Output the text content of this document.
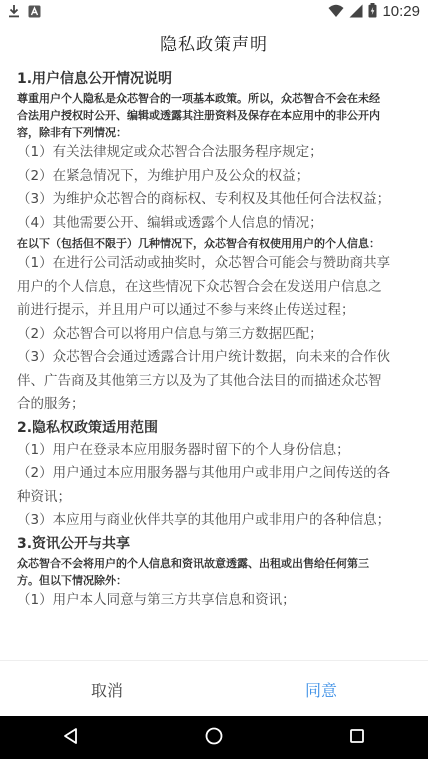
10:29
隐私政策声明

1.用户信息公开情况说明

尊重用户个人隐私是众芯智合的一项基本政策。所以，众芯智合不会在未经

合法用户授权时公开、编辑或透露其注册资料及保存在本应用中的非公开内

容，除非有下列情况：

（1）有关法律规定或众芯智合合法服务程序规定；

（2）在紧急情况下，为维护用户及公众的权益；

（3）为维护众芯智合的商标权、专利权及其他任何合法权益；

（4）其他需要公开、编辑或透露个人信息的情况；

在以下（包括但不限于）几种情况下，众芯智合有权使用用户的个人信息：

（1）在进行公司活动或抽奖时，众芯智合可能会与赞助商共享

用户的个人信息，在这些情况下众芯智合会在发送用户信息之

前进行提示，并且用户可以通过不参与来终止传送过程；

（2）众芯智合可以将用户信息与第三方数据匹配；

（3）众芯智合会通过透露合计用户统计数据，向未来的合作伙

伴、广告商及其他第三方以及为了其他合法目的而描述众芯智

合的服务；

2.隐私权政策适用范围

（1）用户在登录本应用服务器时留下的个人身份信息；

（2）用户通过本应用服务器与其他用户或非用户之间传送的各

种资讯；

（3）本应用与商业伙伴共享的其他用户或非用户的各种信息；

3.资讯公开与共享

众芯智合不会将用户的个人信息和资讯故意透露、出租或出售给任何第三

方。但以下情况除外：

（1）用户本人同意与第三方共享信息和资讯；

取消	同意
